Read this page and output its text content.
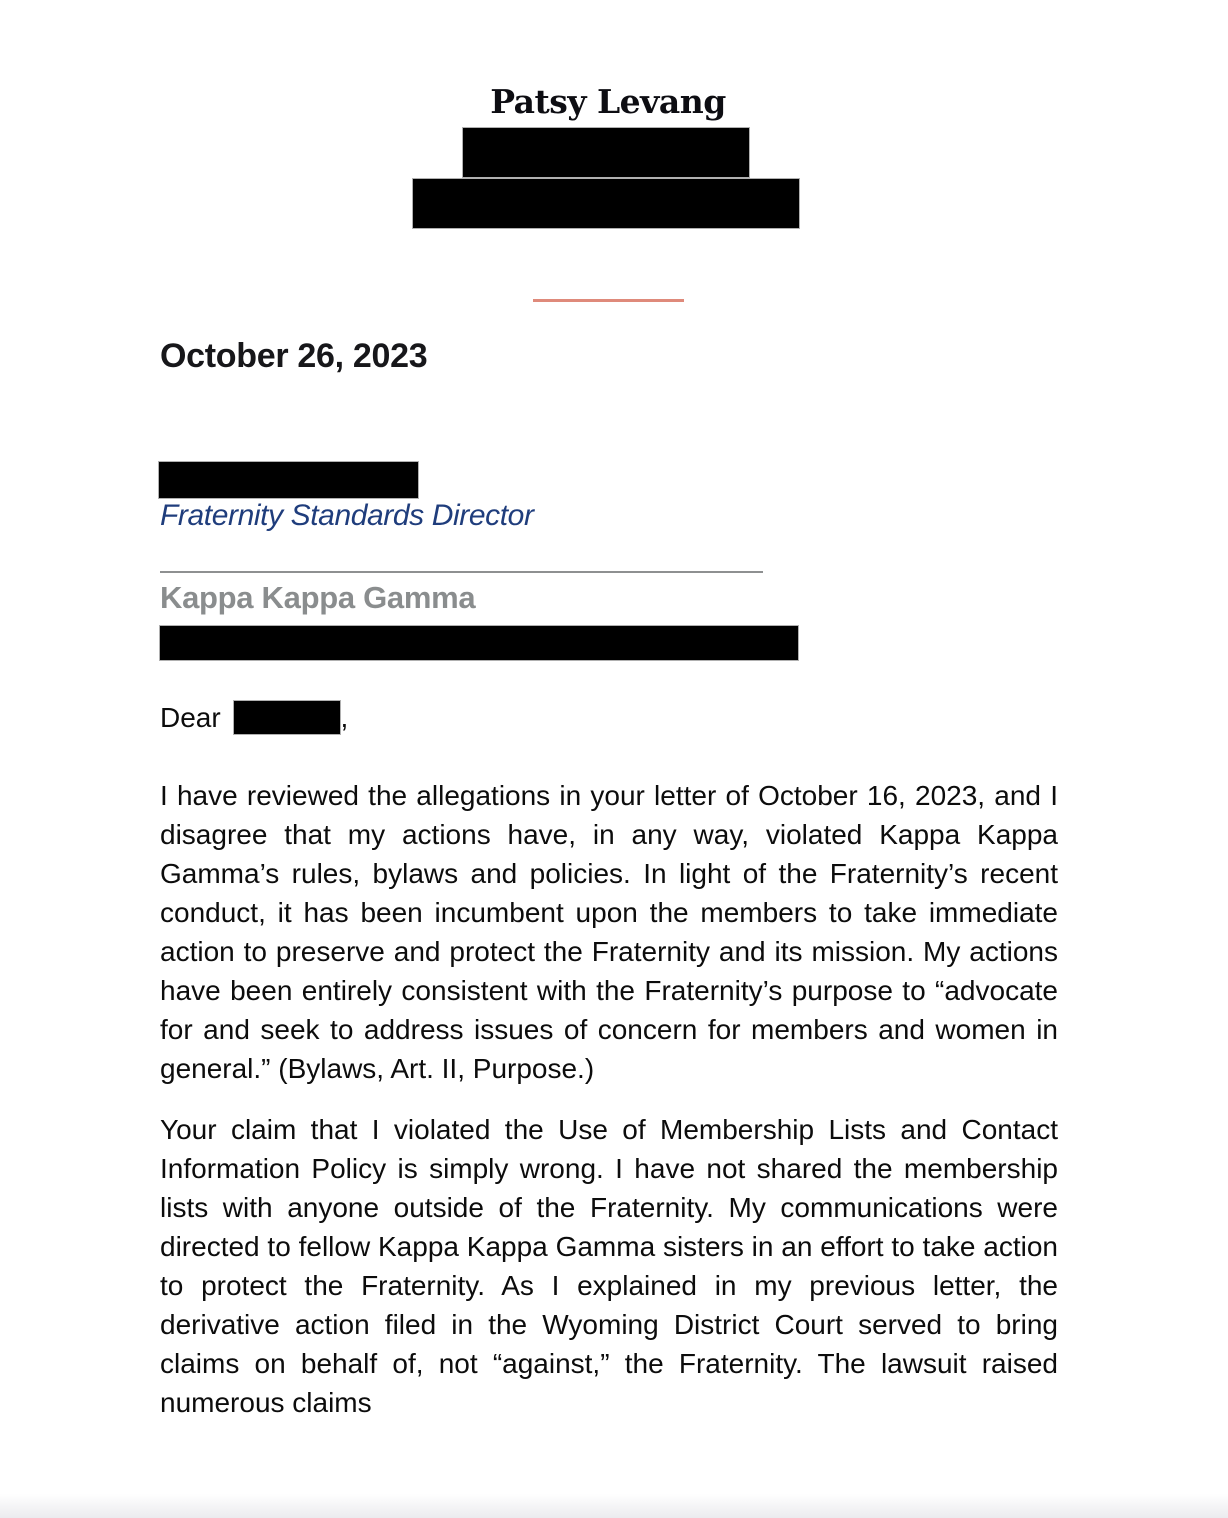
Patsy Levang
October 26, 2023
Fraternity Standards Director
Kappa Kappa Gamma
Dear	,

I have reviewed the allegations in your letter of October 16, 2023, and I disagree that my actions have, in any way, violated Kappa Kappa Gamma’s rules, bylaws and policies. In light of the Fraternity’s recent conduct, it has been incumbent upon the members to take immediate action to preserve and protect the Fraternity and its mission. My actions have been entirely consistent with the Fraternity’s purpose to “advocate for and seek to address issues of concern for members and women in general.” (Bylaws, Art. II, Purpose.)

Your claim that I violated the Use of Membership Lists and Contact Information Policy is simply wrong. I have not shared the membership lists with anyone outside of the Fraternity. My communications were directed to fellow Kappa Kappa Gamma sisters in an effort to take action to protect the Fraternity. As I explained in my previous letter, the derivative action filed in the Wyoming District Court served to bring claims on behalf of, not “against,” the Fraternity. The lawsuit raised numerous claims
